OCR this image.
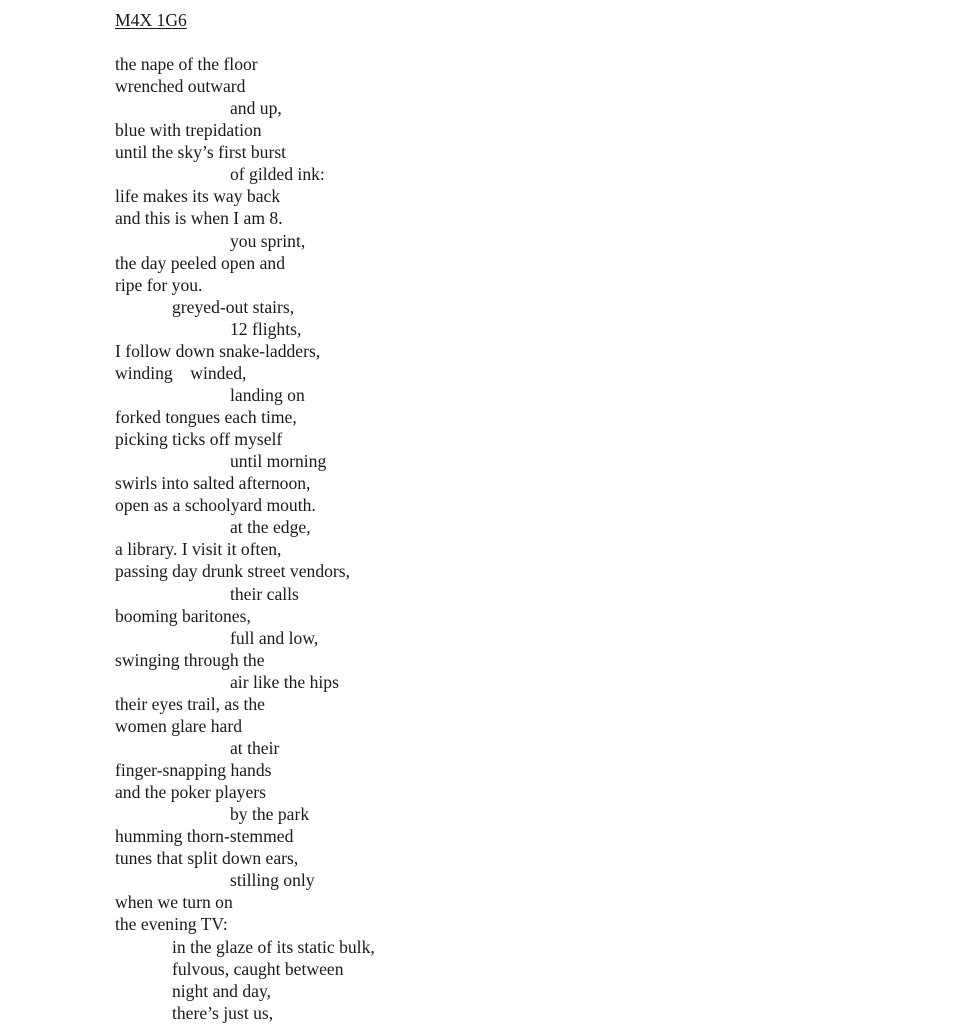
M4X 1G6
the nape of the floor
wrenched outward
and up,
blue with trepidation
until the sky’s first burst
of gilded ink:
life makes its way back
and this is when I am 8.
you sprint,
the day peeled open and
ripe for you.
greyed-out stairs,
12 flights,
I follow down snake-ladders,
winding    winded,
landing on
forked tongues each time,
picking ticks off myself
until morning
swirls into salted afternoon,
open as a schoolyard mouth.
at the edge,
a library. I visit it often,
passing day drunk street vendors,
their calls
booming baritones,
full and low,
swinging through the
air like the hips
their eyes trail, as the
women glare hard
at their
finger-snapping hands
and the poker players
by the park
humming thorn-stemmed
tunes that split down ears,
stilling only
when we turn on
the evening TV:
in the glaze of its static bulk,
fulvous, caught between
night and day,
there’s just us,
